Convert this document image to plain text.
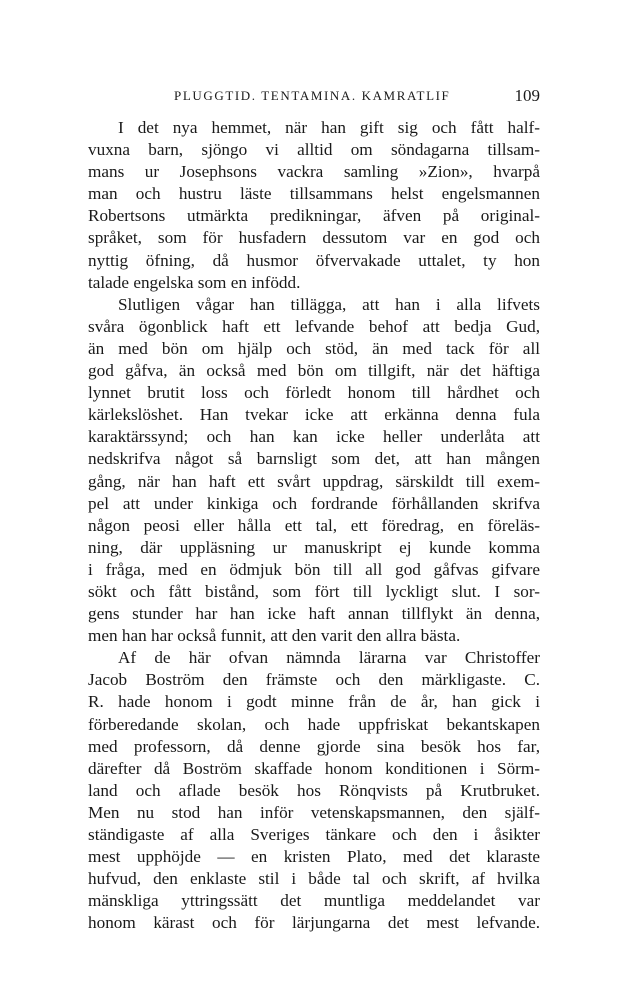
PLUGGTID. TENTAMINA. KAMRATLIF	109
I det nya hemmet, när han gift sig och fått half-
vuxna barn, sjöngo vi alltid om söndagarna tillsam-
mans ur Josephsons vackra samling »Zion», hvarpå
man och hustru läste tillsammans helst engelsmannen
Robertsons utmärkta predikningar, äfven på original-
språket, som för husfadern dessutom var en god och
nyttig öfning, då husmor öfvervakade uttalet, ty hon
talade engelska som en infödd.
Slutligen vågar han tillägga, att han i alla lifvets
svåra ögonblick haft ett lefvande behof att bedja Gud,
än med bön om hjälp och stöd, än med tack för all
god gåfva, än också med bön om tillgift, när det häftiga
lynnet brutit loss och förledt honom till hårdhet och
kärlekslöshet. Han tvekar icke att erkänna denna fula
karaktärssynd; och han kan icke heller underlåta att
nedskrifva något så barnsligt som det, att han mången
gång, när han haft ett svårt uppdrag, särskildt till exem-
pel att under kinkiga och fordrande förhållanden skrifva
någon peosi eller hålla ett tal, ett föredrag, en föreläs-
ning, där uppläsning ur manuskript ej kunde komma
i fråga, med en ödmjuk bön till all god gåfvas gifvare
sökt och fått bistånd, som fört till lyckligt slut. I sor-
gens stunder har han icke haft annan tillflykt än denna,
men han har också funnit, att den varit den allra bästa.
Af de här ofvan nämnda lärarna var Christoffer
Jacob Boström den främste och den märkligaste. C.
R. hade honom i godt minne från de år, han gick i
förberedande skolan, och hade uppfriskat bekantskapen
med professorn, då denne gjorde sina besök hos far,
därefter då Boström skaffade honom konditionen i Sörm-
land och aflade besök hos Rönqvists på Krutbruket.
Men nu stod han inför vetenskapsmannen, den själf-
ständigaste af alla Sveriges tänkare och den i åsikter
mest upphöjde — en kristen Plato, med det klaraste
hufvud, den enklaste stil i både tal och skrift, af hvilka
mänskliga yttringssätt det muntliga meddelandet var
honom kärast och för lärjungarna det mest lefvande.
